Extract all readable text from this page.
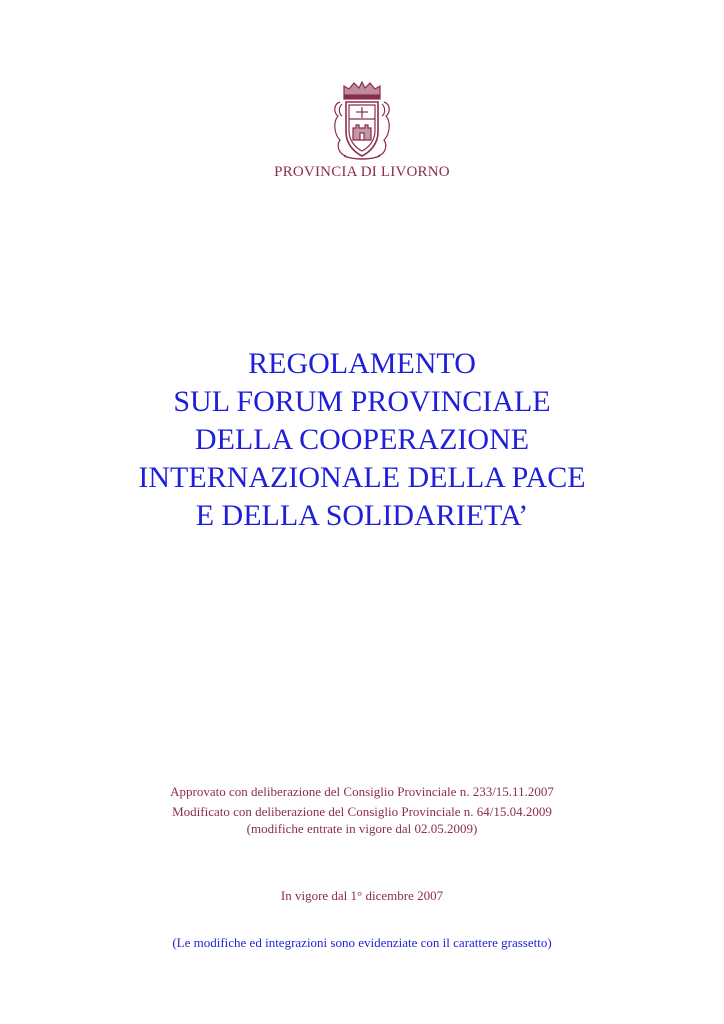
PROVINCIA DI LIVORNO
REGOLAMENTO
SUL FORUM PROVINCIALE
DELLA COOPERAZIONE
INTERNAZIONALE DELLA PACE
E DELLA SOLIDARIETA’
Approvato con deliberazione del Consiglio Provinciale n. 233/15.11.2007
Modificato con deliberazione del Consiglio Provinciale n. 64/15.04.2009
(modifiche entrate in vigore dal 02.05.2009)
In vigore dal 1° dicembre 2007
(Le modifiche ed integrazioni sono evidenziate con il carattere grassetto)
